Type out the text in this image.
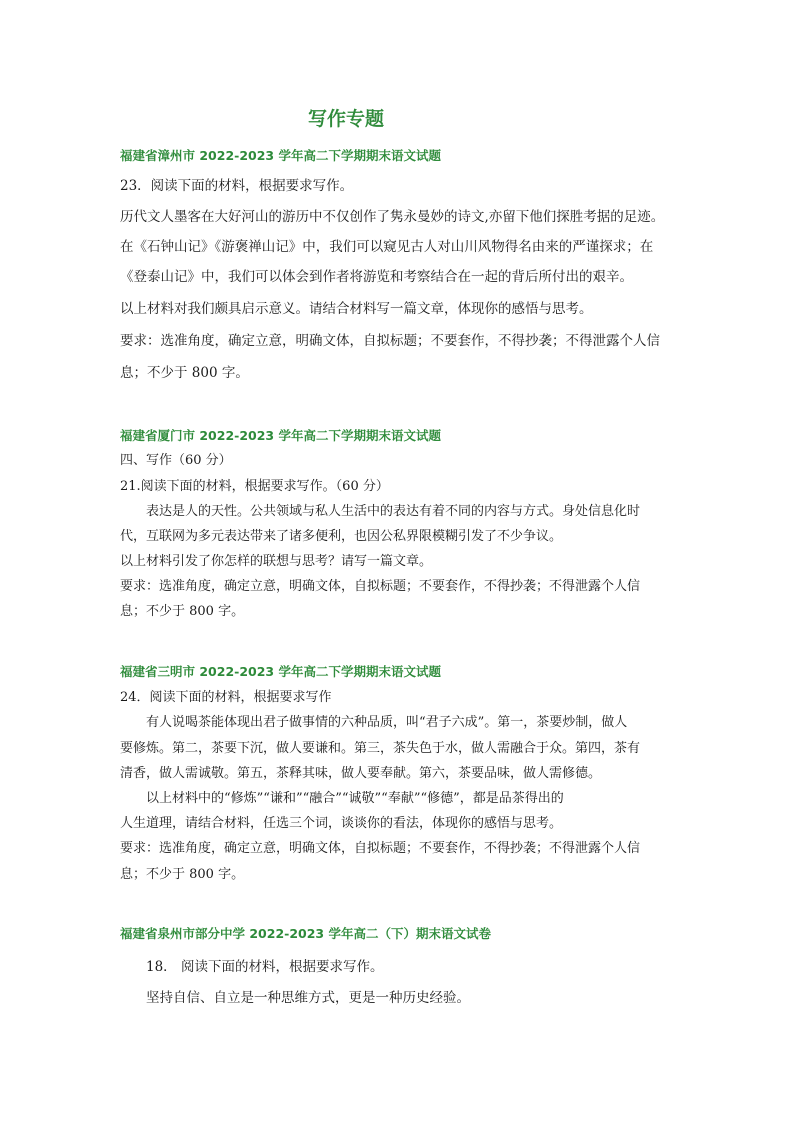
写作专题
福建省漳州市 2022-2023 学年高二下学期期末语文试题
23．阅读下面的材料，根据要求写作。
历代文人墨客在大好河山的游历中不仅创作了隽永曼妙的诗文,亦留下他们探胜考据的足迹。
在《石钟山记》《游褒禅山记》中，我们可以窥见古人对山川风物得名由来的严谨探求；在
《登泰山记》中，我们可以体会到作者将游览和考察结合在一起的背后所付出的艰辛。
以上材料对我们颇具启示意义。请结合材料写一篇文章，体现你的感悟与思考。
要求：选准角度，确定立意，明确文体，自拟标题；不要套作，不得抄袭；不得泄露个人信
息；不少于 800 字。
福建省厦门市 2022-2023 学年高二下学期期末语文试题
四、写作（60 分）
21.阅读下面的材料，根据要求写作。（60 分）
表达是人的天性。公共领域与私人生活中的表达有着不同的内容与方式。身处信息化时
代，互联网为多元表达带来了诸多便利，也因公私界限模糊引发了不少争议。
以上材料引发了你怎样的联想与思考？请写一篇文章。
要求：选准角度，确定立意，明确文体，自拟标题；不要套作，不得抄袭；不得泄露个人信
息；不少于 800 字。
福建省三明市 2022-2023 学年高二下学期期末语文试题
24．阅读下面的材料，根据要求写作
有人说喝茶能体现出君子做事情的六种品质，叫“君子六成”。第一，茶要炒制，做人
要修炼。第二，茶要下沉，做人要谦和。第三，茶失色于水，做人需融合于众。第四，茶有
清香，做人需诚敬。第五，茶释其味，做人要奉献。第六，茶要品味，做人需修德。
以上材料中的“修炼”“谦和”“融合”“诚敬”“奉献”“修德”，都是品茶得出的
人生道理，请结合材料，任选三个词，谈谈你的看法，体现你的感悟与思考。
要求：选准角度，确定立意，明确文体，自拟标题；不要套作，不得抄袭；不得泄露个人信
息；不少于 800 字。
福建省泉州市部分中学 2022-2023 学年高二（下）期末语文试卷
18． 阅读下面的材料，根据要求写作。
坚持自信、自立是一种思维方式，更是一种历史经验。
